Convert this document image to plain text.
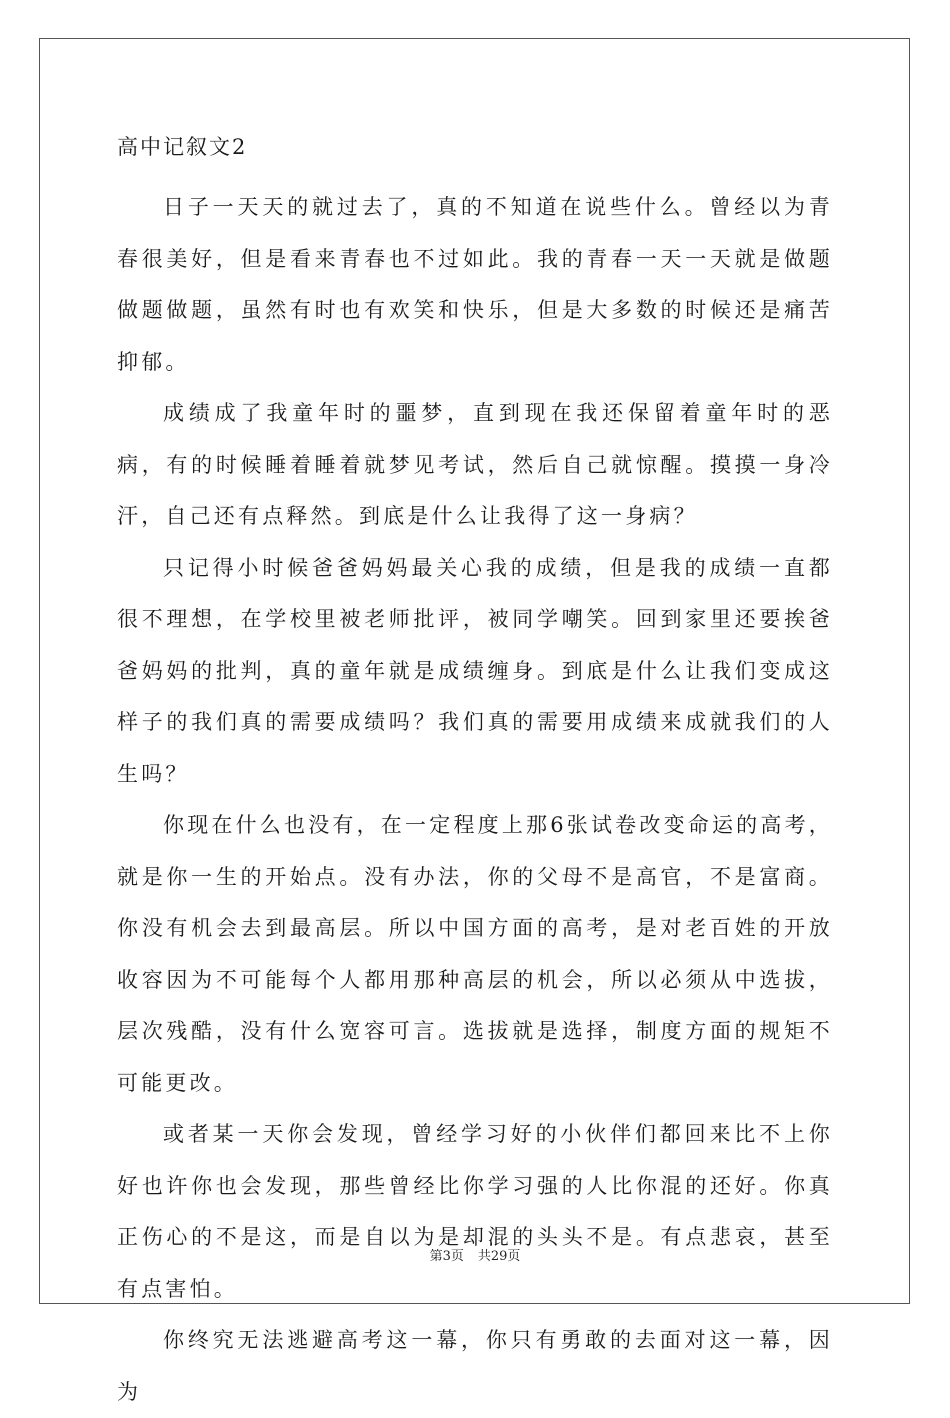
高中记叙文2

日子一天天的就过去了，真的不知道在说些什么。曾经以为青春很美好，但是看来青春也不过如此。我的青春一天一天就是做题做题做题，虽然有时也有欢笑和快乐，但是大多数的时候还是痛苦抑郁。

成绩成了我童年时的噩梦，直到现在我还保留着童年时的恶病，有的时候睡着睡着就梦见考试，然后自己就惊醒。摸摸一身冷汗，自己还有点释然。到底是什么让我得了这一身病？

只记得小时候爸爸妈妈最关心我的成绩，但是我的成绩一直都很不理想，在学校里被老师批评，被同学嘲笑。回到家里还要挨爸爸妈妈的批判，真的童年就是成绩缠身。到底是什么让我们变成这样子的我们真的需要成绩吗？我们真的需要用成绩来成就我们的人生吗？

你现在什么也没有，在一定程度上那6张试卷改变命运的高考，就是你一生的开始点。没有办法，你的父母不是高官，不是富商。你没有机会去到最高层。所以中国方面的高考，是对老百姓的开放收容因为不可能每个人都用那种高层的机会，所以必须从中选拔，层次残酷，没有什么宽容可言。选拔就是选择，制度方面的规矩不可能更改。

或者某一天你会发现，曾经学习好的小伙伴们都回来比不上你好也许你也会发现，那些曾经比你学习强的人比你混的还好。你真正伤心的不是这，而是自以为是却混的头头不是。有点悲哀，甚至有点害怕。

你终究无法逃避高考这一幕，你只有勇敢的去面对这一幕，因为

第3页 共29页
